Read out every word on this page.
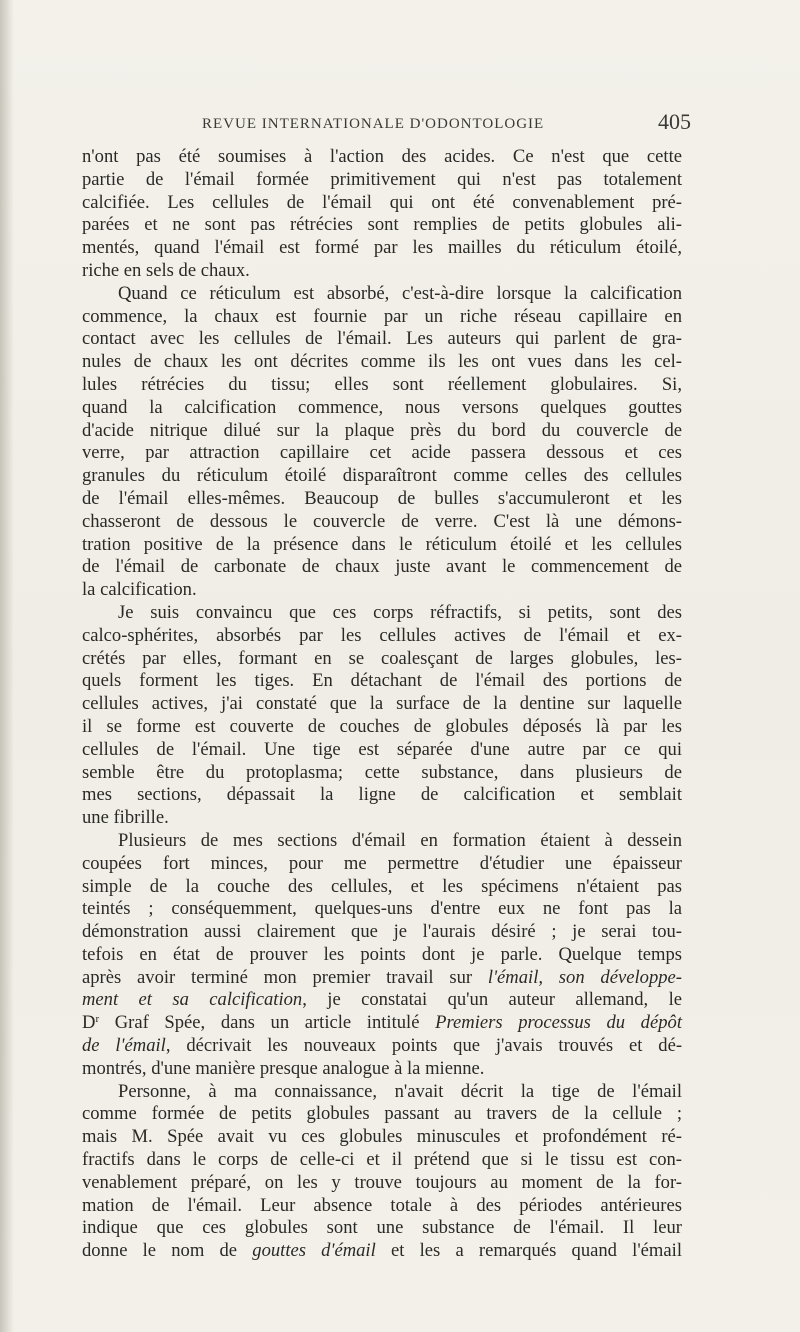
REVUE INTERNATIONALE D'ODONTOLOGIE	405
n'ont pas été soumises à l'action des acides. Ce n'est que cette
partie de l'émail formée primitivement qui n'est pas totalement
calcifiée. Les cellules de l'émail qui ont été convenablement pré-
parées et ne sont pas rétrécies sont remplies de petits globules ali-
mentés, quand l'émail est formé par les mailles du réticulum étoilé,
riche en sels de chaux.
Quand ce réticulum est absorbé, c'est-à-dire lorsque la calcification
commence, la chaux est fournie par un riche réseau capillaire en
contact avec les cellules de l'émail. Les auteurs qui parlent de gra-
nules de chaux les ont décrites comme ils les ont vues dans les cel-
lules rétrécies du tissu; elles sont réellement globulaires. Si,
quand la calcification commence, nous versons quelques gouttes
d'acide nitrique dilué sur la plaque près du bord du couvercle de
verre, par attraction capillaire cet acide passera dessous et ces
granules du réticulum étoilé disparaîtront comme celles des cellules
de l'émail elles-mêmes. Beaucoup de bulles s'accumuleront et les
chasseront de dessous le couvercle de verre. C'est là une démons-
tration positive de la présence dans le réticulum étoilé et les cellules
de l'émail de carbonate de chaux juste avant le commencement de
la calcification.
Je suis convaincu que ces corps réfractifs, si petits, sont des
calco-sphérites, absorbés par les cellules actives de l'émail et ex-
crétés par elles, formant en se coalesçant de larges globules, les-
quels forment les tiges. En détachant de l'émail des portions de
cellules actives, j'ai constaté que la surface de la dentine sur laquelle
il se forme est couverte de couches de globules déposés là par les
cellules de l'émail. Une tige est séparée d'une autre par ce qui
semble être du protoplasma; cette substance, dans plusieurs de
mes sections, dépassait la ligne de calcification et semblait
une fibrille.
Plusieurs de mes sections d'émail en formation étaient à dessein
coupées fort minces, pour me permettre d'étudier une épaisseur
simple de la couche des cellules, et les spécimens n'étaient pas
teintés ; conséquemment, quelques-uns d'entre eux ne font pas la
démonstration aussi clairement que je l'aurais désiré ; je serai tou-
tefois en état de prouver les points dont je parle. Quelque temps
après avoir terminé mon premier travail sur l'émail, son développe-
ment et sa calcification, je constatai qu'un auteur allemand, le
$D^r$ Graf Spée, dans un article intitulé Premiers processus du dépôt
de l'émail, décrivait les nouveaux points que j'avais trouvés et dé-
montrés, d'une manière presque analogue à la mienne.
Personne, à ma connaissance, n'avait décrit la tige de l'émail
comme formée de petits globules passant au travers de la cellule ;
mais M. Spée avait vu ces globules minuscules et profondément ré-
fractifs dans le corps de celle-ci et il prétend que si le tissu est con-
venablement préparé, on les y trouve toujours au moment de la for-
mation de l'émail. Leur absence totale à des périodes antérieures
indique que ces globules sont une substance de l'émail. Il leur
donne le nom de gouttes d'émail et les a remarqués quand l'émail
